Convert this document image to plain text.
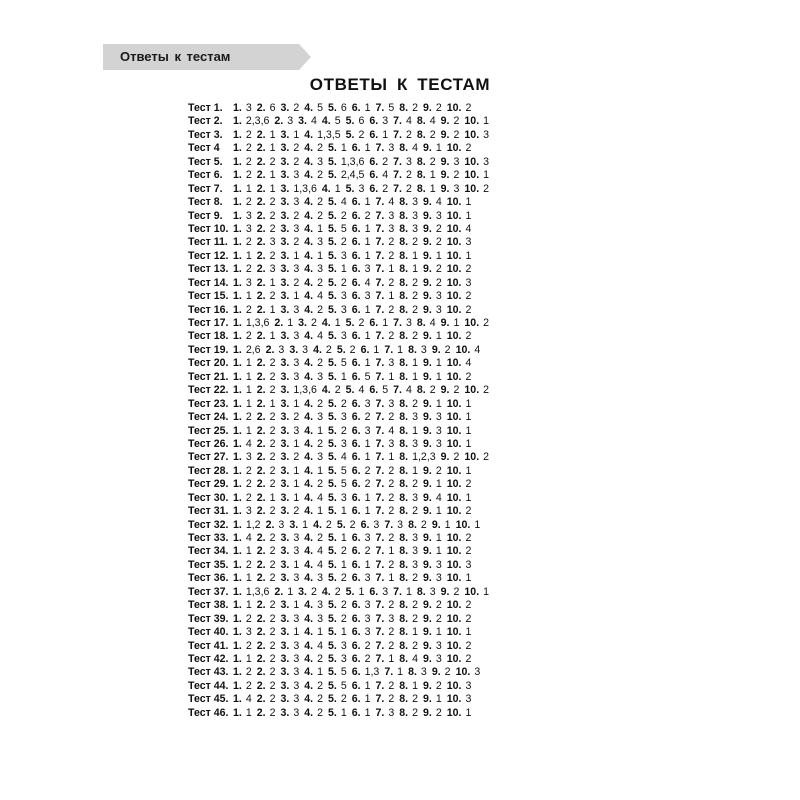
Ответы к тестам
ОТВЕТЫ К ТЕСТАМ
Тест 1. 1. 3 2. 6 3. 2 4. 5 5. 6 6. 1 7. 5 8. 2 9. 2 10. 2
Тест 2. 1. 2,3,6 2. 3 3. 4 4. 5 5. 6 6. 3 7. 4 8. 4 9. 2 10. 1
Тест 3. 1. 2 2. 1 3. 1 4. 1,3,5 5. 2 6. 1 7. 2 8. 2 9. 2 10. 3
Тест 4 1. 2 2. 1 3. 2 4. 2 5. 1 6. 1 7. 3 8. 4 9. 1 10. 2
Тест 5. 1. 2 2. 2 3. 2 4. 3 5. 1,3,6 6. 2 7. 3 8. 2 9. 3 10. 3
Тест 6. 1. 2 2. 1 3. 3 4. 2 5. 2,4,5 6. 4 7. 2 8. 1 9. 2 10. 1
Тест 7. 1. 1 2. 1 3. 1,3,6 4. 1 5. 3 6. 2 7. 2 8. 1 9. 3 10. 2
Тест 8. 1. 2 2. 2 3. 3 4. 2 5. 4 6. 1 7. 4 8. 3 9. 4 10. 1
Тест 9. 1. 3 2. 2 3. 2 4. 2 5. 2 6. 2 7. 3 8. 3 9. 3 10. 1
Тест 10. 1. 3 2. 2 3. 3 4. 1 5. 5 6. 1 7. 3 8. 3 9. 2 10. 4
Тест 11. 1. 2 2. 3 3. 2 4. 3 5. 2 6. 1 7. 2 8. 2 9. 2 10. 3
Тест 12. 1. 1 2. 2 3. 1 4. 1 5. 3 6. 1 7. 2 8. 1 9. 1 10. 1
Тест 13. 1. 2 2. 3 3. 3 4. 3 5. 1 6. 3 7. 1 8. 1 9. 2 10. 2
Тест 14. 1. 3 2. 1 3. 2 4. 2 5. 2 6. 4 7. 2 8. 2 9. 2 10. 3
Тест 15. 1. 1 2. 2 3. 1 4. 4 5. 3 6. 3 7. 1 8. 2 9. 3 10. 2
Тест 16. 1. 2 2. 1 3. 3 4. 2 5. 3 6. 1 7. 2 8. 2 9. 3 10. 2
Тест 17. 1. 1,3,6 2. 1 3. 2 4. 1 5. 2 6. 1 7. 3 8. 4 9. 1 10. 2
Тест 18. 1. 2 2. 1 3. 3 4. 4 5. 3 6. 1 7. 2 8. 2 9. 1 10. 2
Тест 19. 1. 2,6 2. 3 3. 3 4. 2 5. 2 6. 1 7. 1 8. 3 9. 2 10. 4
Тест 20. 1. 1 2. 2 3. 3 4. 2 5. 5 6. 1 7. 3 8. 1 9. 1 10. 4
Тест 21. 1. 1 2. 2 3. 3 4. 3 5. 1 6. 5 7. 1 8. 1 9. 1 10. 2
Тест 22. 1. 1 2. 2 3. 1,3,6 4. 2 5. 4 6. 5 7. 4 8. 2 9. 2 10. 2
Тест 23. 1. 1 2. 1 3. 1 4. 2 5. 2 6. 3 7. 3 8. 2 9. 1 10. 1
Тест 24. 1. 2 2. 2 3. 2 4. 3 5. 3 6. 2 7. 2 8. 3 9. 3 10. 1
Тест 25. 1. 1 2. 2 3. 3 4. 1 5. 2 6. 3 7. 4 8. 1 9. 3 10. 1
Тест 26. 1. 4 2. 2 3. 1 4. 2 5. 3 6. 1 7. 3 8. 3 9. 3 10. 1
Тест 27. 1. 3 2. 2 3. 2 4. 3 5. 4 6. 1 7. 1 8. 1,2,3 9. 2 10. 2
Тест 28. 1. 2 2. 2 3. 1 4. 1 5. 5 6. 2 7. 2 8. 1 9. 2 10. 1
Тест 29. 1. 2 2. 2 3. 1 4. 2 5. 5 6. 2 7. 2 8. 2 9. 1 10. 2
Тест 30. 1. 2 2. 1 3. 1 4. 4 5. 3 6. 1 7. 2 8. 3 9. 4 10. 1
Тест 31. 1. 3 2. 2 3. 2 4. 1 5. 1 6. 1 7. 2 8. 2 9. 1 10. 2
Тест 32. 1. 1,2 2. 3 3. 1 4. 2 5. 2 6. 3 7. 3 8. 2 9. 1 10. 1
Тест 33. 1. 4 2. 2 3. 3 4. 2 5. 1 6. 3 7. 2 8. 3 9. 1 10. 2
Тест 34. 1. 1 2. 2 3. 3 4. 4 5. 2 6. 2 7. 1 8. 3 9. 1 10. 2
Тест 35. 1. 2 2. 2 3. 1 4. 4 5. 1 6. 1 7. 2 8. 3 9. 3 10. 3
Тест 36. 1. 1 2. 2 3. 3 4. 3 5. 2 6. 3 7. 1 8. 2 9. 3 10. 1
Тест 37. 1. 1,3,6 2. 1 3. 2 4. 2 5. 1 6. 3 7. 1 8. 3 9. 2 10. 1
Тест 38. 1. 1 2. 2 3. 1 4. 3 5. 2 6. 3 7. 2 8. 2 9. 2 10. 2
Тест 39. 1. 2 2. 2 3. 3 4. 3 5. 2 6. 3 7. 3 8. 2 9. 2 10. 2
Тест 40. 1. 3 2. 2 3. 1 4. 1 5. 1 6. 3 7. 2 8. 1 9. 1 10. 1
Тест 41. 1. 2 2. 2 3. 3 4. 4 5. 3 6. 2 7. 2 8. 2 9. 3 10. 2
Тест 42. 1. 1 2. 2 3. 3 4. 2 5. 3 6. 2 7. 1 8. 4 9. 3 10. 2
Тест 43. 1. 2 2. 2 3. 3 4. 1 5. 5 6. 1,3 7. 1 8. 3 9. 2 10. 3
Тест 44. 1. 2 2. 2 3. 3 4. 2 5. 5 6. 1 7. 2 8. 1 9. 2 10. 3
Тест 45. 1. 4 2. 2 3. 3 4. 2 5. 2 6. 1 7. 2 8. 2 9. 1 10. 3
Тест 46. 1. 1 2. 2 3. 3 4. 2 5. 1 6. 1 7. 3 8. 2 9. 2 10. 1
